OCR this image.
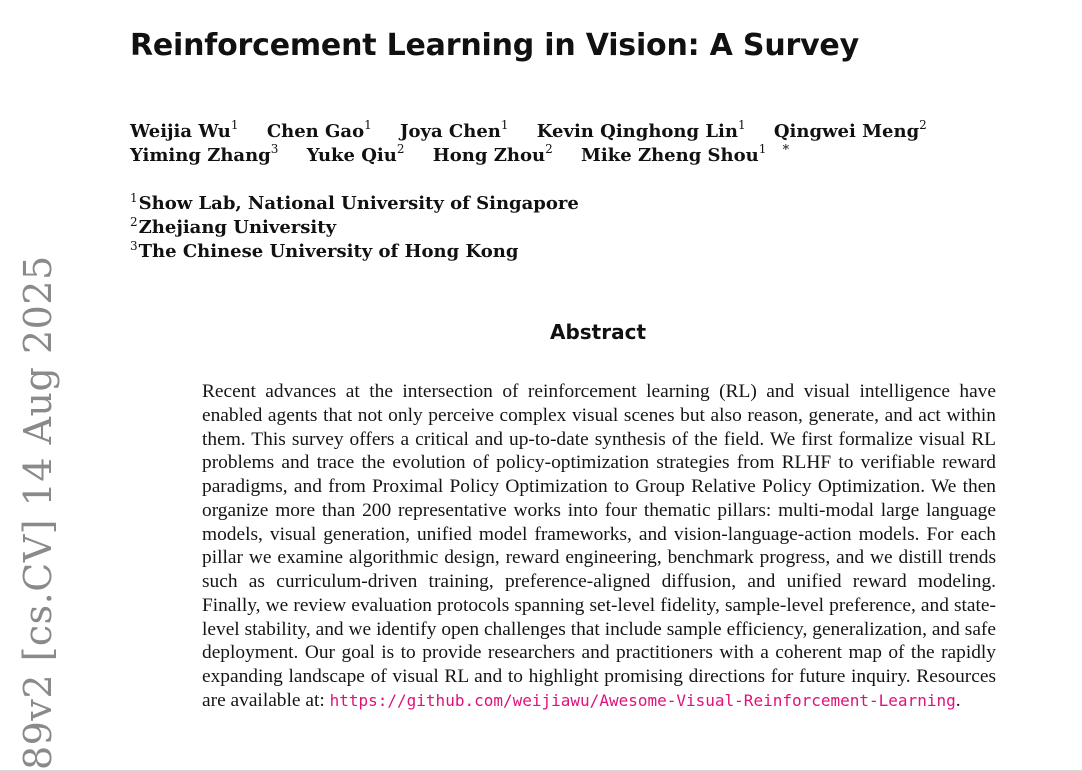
Reinforcement Learning in Vision: A Survey
Weijia Wu$^1$ Chen Gao$^1$ Joya Chen$^1$ Kevin Qinghong Lin$^1$ Qingwei Meng$^2$
Yiming Zhang$^3$ Yuke Qiu$^2$ Hong Zhou$^2$ Mike Zheng Shou$^1$ *
$^1$Show Lab, National University of Singapore
$^2$Zhejiang University
$^3$The Chinese University of Hong Kong
89v2 [cs.CV] 14 Aug 2025	Abstract

Recent advances at the intersection of reinforcement learning (RL) and visual intelligence have enabled agents that not only perceive complex visual scenes but also reason, generate, and act within them. This survey offers a critical and up-to-date synthesis of the field. We first formalize visual RL problems and trace the evolution of policy-optimization strategies from RLHF to verifiable reward paradigms, and from Proximal Policy Optimization to Group Relative Policy Optimization. We then organize more than 200 representative works into four thematic pillars: multi-modal large language models, visual generation, unified model frameworks, and vision-language-action models. For each pillar we examine algorithmic design, reward engineering, benchmark progress, and we distill trends such as curriculum-driven training, preference-aligned diffusion, and unified reward modeling. Finally, we review evaluation protocols spanning set-level fidelity, sample-level preference, and state-level stability, and we identify open challenges that include sample efficiency, generalization, and safe deployment. Our goal is to provide researchers and practitioners with a coherent map of the rapidly expanding landscape of visual RL and to highlight promising directions for future inquiry. Resources are available at: https://github.com/weijiawu/Awesome-Visual-Reinforcement-Learning.
